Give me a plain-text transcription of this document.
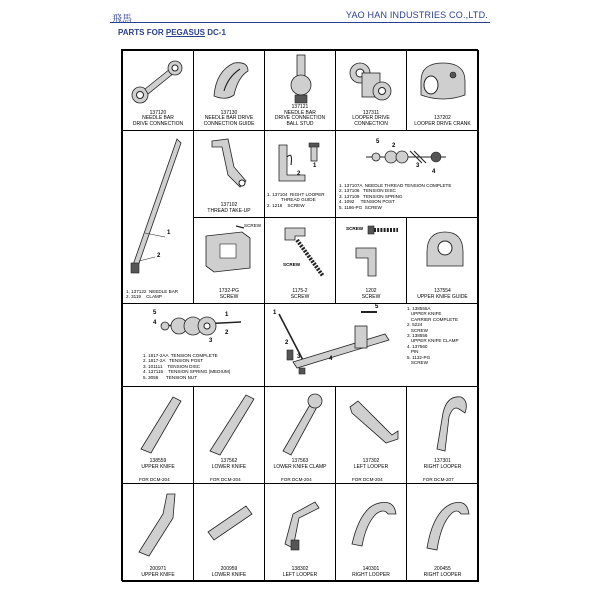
飛馬	YAO HAN INDUSTRIES CO.,LTD.
PARTS FOR PEGASUS DC-1
137120
NEEDLE BAR
DRIVE CONNECTION
137130
NEEDLE BAR DRIVE
CONNECTION GUIDE
137121
NEEDLE BAR
DRIVE CONNECTION
BALL STUD
137311
LOOPER DRIVE
CONNECTION
137202
LOOPER DRIVE CRANK
1
2
1. 137122  NEEDLE BAR
2. 3119    CLAMP
137102
THREAD TAKE-UP
1
2
1. 137104  RIGHT LOOPER
THREAD GUIDE
2. 1216    SCREW
5
2
3
4
1. 137107A  NEEDLE THREAD TENSION COMPLETE
2. 137106   TENSION DISC
3. 137109   TENSION SPRING
4. 1092     TENSION POST
5. 1186-PG  SCREW
SCREW
1732-PG
SCREW
SCREW
1175-2
SCREW
SCREW
1202
SCREW
137554
UPPER KNIFE GUIDE
5
4
1
2
3
1. 1817-2AA  TENSION COMPLETE
2. 1817-2A   TENSION POST
3. 101111    TENSION DISC
4. 137115    TENSION SPRING (MEDIUM)
5. 3056      TENSION NUT
1
2
3	4
5	1. 138555A
UPPER KNIFE
CARRIER COMPLETE
2. 5224
SCREW
3. 138556
UPPER KNIFE CLAMP
4. 137560
PIN
5. 1132-PG
SCREW
138559
UPPER KNIFE
FOR DCM-204
137562
LOWER KNIFE
FOR DCM-204
137563
LOWER KNIFE CLAMP
FOR DCM-204
137302
LEFT LOOPER
FOR DCM-204
137301
RIGHT LOOPER
FOR DCM-207
200971
UPPER KNIFE
200959
LOWER KNIFE
138302
LEFT LOOPER
140301
RIGHT LOOPER
200455
RIGHT LOOPER
